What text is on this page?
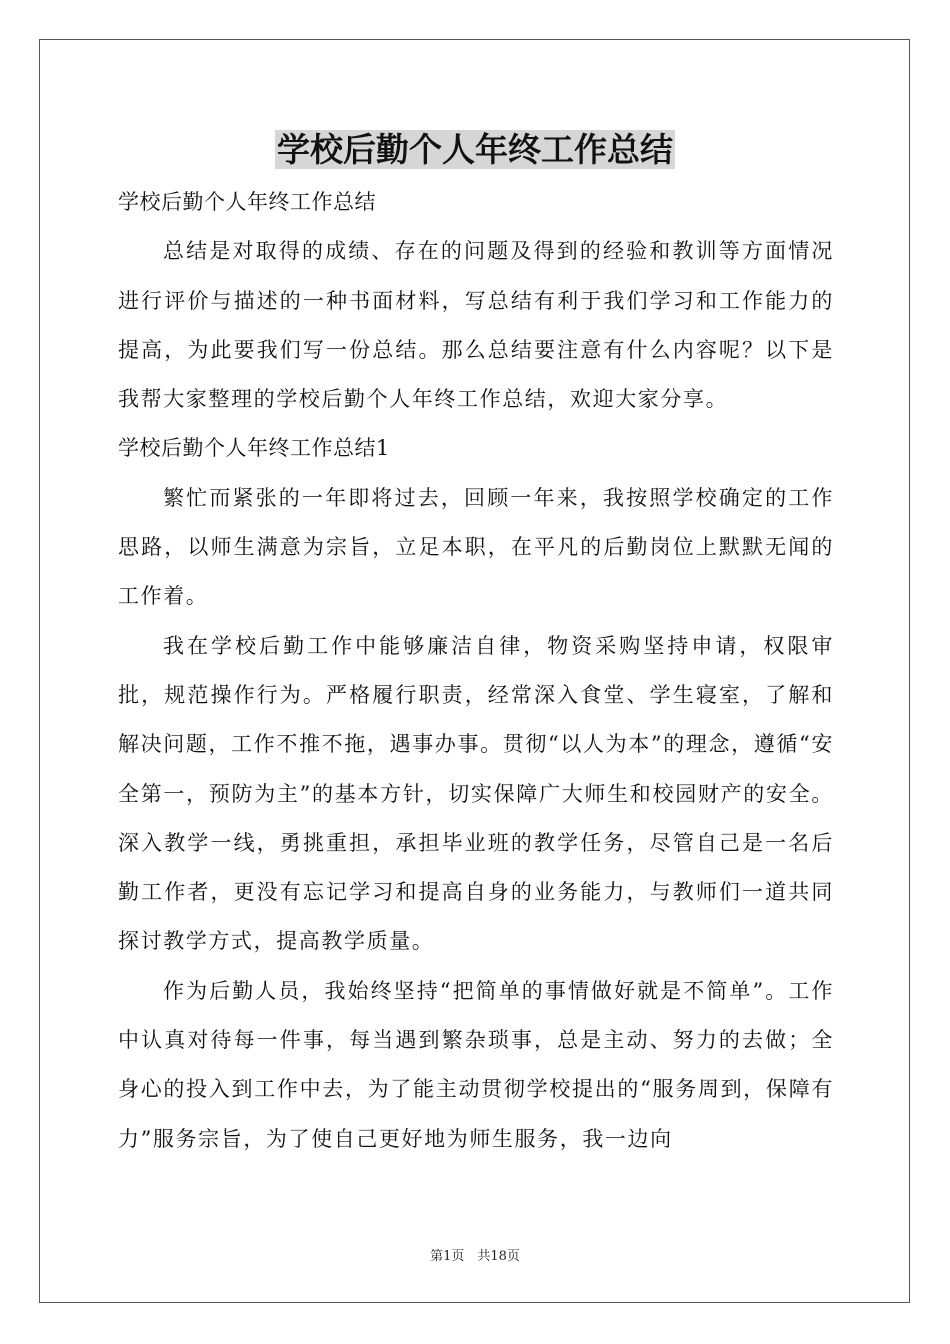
学校后勤个人年终工作总结

学校后勤个人年终工作总结

总结是对取得的成绩、存在的问题及得到的经验和教训等方面情况进行评价与描述的一种书面材料，写总结有利于我们学习和工作能力的提高，为此要我们写一份总结。那么总结要注意有什么内容呢？以下是我帮大家整理的学校后勤个人年终工作总结，欢迎大家分享。

学校后勤个人年终工作总结1

繁忙而紧张的一年即将过去，回顾一年来，我按照学校确定的工作思路，以师生满意为宗旨，立足本职，在平凡的后勤岗位上默默无闻的工作着。

我在学校后勤工作中能够廉洁自律，物资采购坚持申请，权限审批，规范操作行为。严格履行职责，经常深入食堂、学生寝室，了解和解决问题，工作不推不拖，遇事办事。贯彻“以人为本”的理念，遵循“安全第一，预防为主”的基本方针，切实保障广大师生和校园财产的安全。深入教学一线，勇挑重担，承担毕业班的教学任务，尽管自己是一名后勤工作者，更没有忘记学习和提高自身的业务能力，与教师们一道共同探讨教学方式，提高教学质量。

作为后勤人员，我始终坚持“把简单的事情做好就是不简单”。工作中认真对待每一件事，每当遇到繁杂琐事，总是主动、努力的去做；全身心的投入到工作中去，为了能主动贯彻学校提出的“服务周到，保障有力”服务宗旨，为了使自己更好地为师生服务，我一边向

第1页　共18页
